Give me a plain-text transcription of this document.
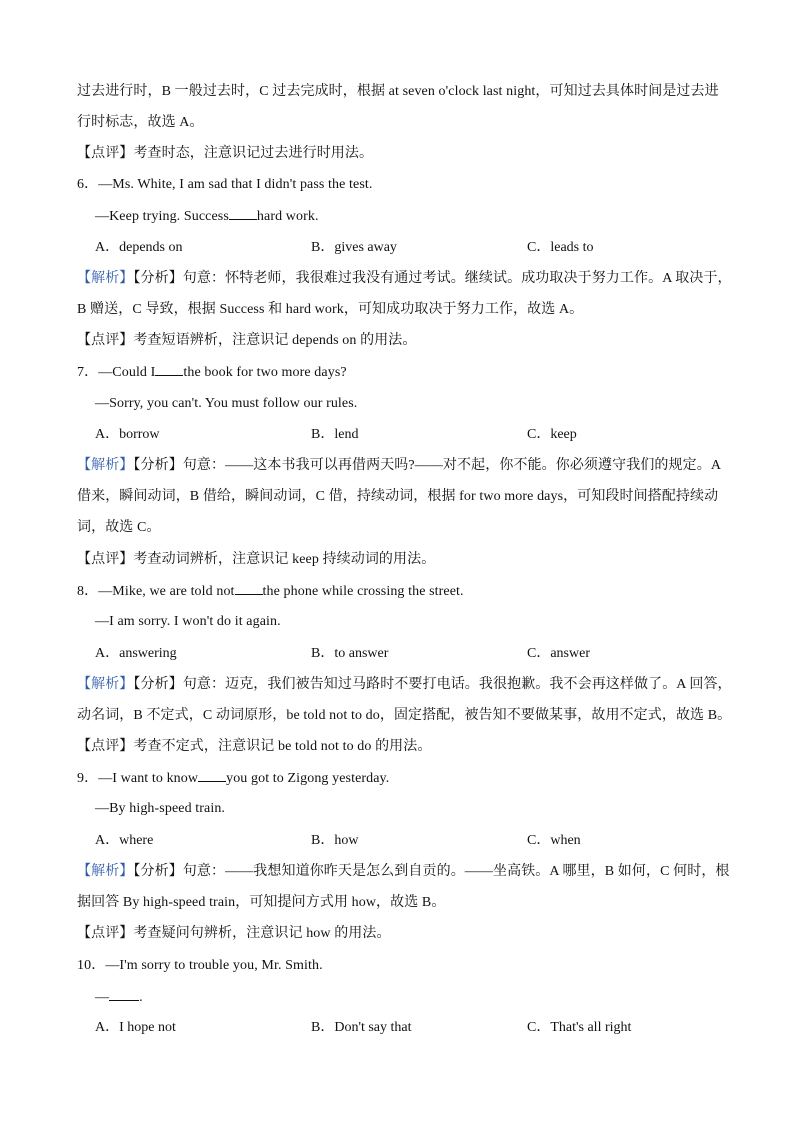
过去进行时，B 一般过去时，C 过去完成时，根据 at seven o'clock last night，可知过去具体时间是过去进
行时标志，故选 A。
【点评】考查时态，注意识记过去进行时用法。
6．—Ms. White, I am sad that I didn't pass the test.
—Keep trying. Success hard work.
A．depends on	B．gives away	C．leads to
【解析】【分析】句意：怀特老师，我很难过我没有通过考试。继续试。成功取决于努力工作。A 取决于，
B 赠送，C 导致，根据 Success 和 hard work，可知成功取决于努力工作，故选 A。
【点评】考查短语辨析，注意识记 depends on 的用法。
7．—Could I the book for two more days?
—Sorry, you can't. You must follow our rules.
A．borrow	B．lend	C．keep
【解析】【分析】句意：——这本书我可以再借两天吗?——对不起，你不能。你必须遵守我们的规定。A
借来，瞬间动词，B 借给，瞬间动词，C 借，持续动词，根据 for two more days，可知段时间搭配持续动
词，故选 C。
【点评】考查动词辨析，注意识记 keep 持续动词的用法。
8．—Mike, we are told not the phone while crossing the street.
—I am sorry. I won't do it again.
A．answering	B．to answer	C．answer
【解析】【分析】句意：迈克，我们被告知过马路时不要打电话。我很抱歉。我不会再这样做了。A 回答，
动名词，B 不定式，C 动词原形，be told not to do，固定搭配，被告知不要做某事，故用不定式，故选 B。
【点评】考查不定式，注意识记 be told not to do 的用法。
9．—I want to know you got to Zigong yesterday.
—By high-speed train.
A．where	B．how	C．when
【解析】【分析】句意：——我想知道你昨天是怎么到自贡的。——坐高铁。A 哪里，B 如何，C 何时，根
据回答 By high-speed train，可知提问方式用 how，故选 B。
【点评】考查疑问句辨析，注意识记 how 的用法。
10．—I'm sorry to trouble you, Mr. Smith.
— .
A．I hope not	B．Don't say that	C．That's all right
